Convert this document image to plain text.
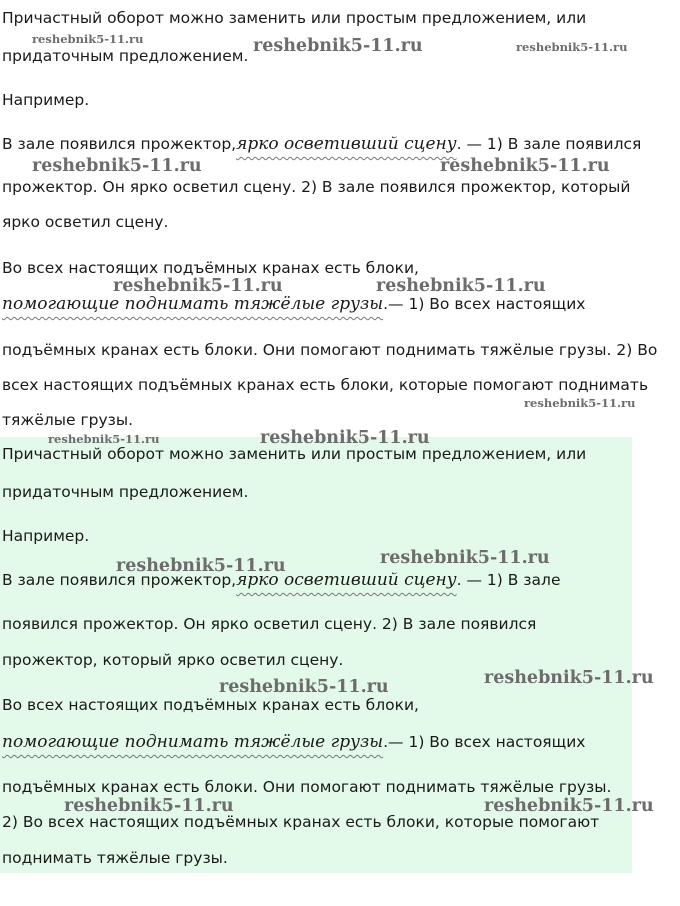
Причастный оборот можно заменить или простым предложением, или
придаточным предложением.
Например.
В зале появился прожектор,ярко осветивший сцену. — 1) В зале появился
прожектор. Он ярко осветил сцену. 2) В зале появился прожектор, который
ярко осветил сцену.
Во всех настоящих подъёмных кранах есть блоки,
помогающие поднимать тяжёлые грузы.— 1) Во всех настоящих
подъёмных кранах есть блоки. Они помогают поднимать тяжёлые грузы. 2) Во
всех настоящих подъёмных кранах есть блоки, которые помогают поднимать
тяжёлые грузы.
Причастный оборот можно заменить или простым предложением, или
придаточным предложением.
Например.
В зале появился прожектор,ярко осветивший сцену. — 1) В зале
появился прожектор. Он ярко осветил сцену. 2) В зале появился
прожектор, который ярко осветил сцену.
Во всех настоящих подъёмных кранах есть блоки,
помогающие поднимать тяжёлые грузы.— 1) Во всех настоящих
подъёмных кранах есть блоки. Они помогают поднимать тяжёлые грузы.
2) Во всех настоящих подъёмных кранах есть блоки, которые помогают
поднимать тяжёлые грузы.
reshebnik5-11.ru	reshebnik5-11.ru	reshebnik5-11.ru
reshebnik5-11.ru	reshebnik5-11.ru
reshebnik5-11.ru	reshebnik5-11.ru
reshebnik5-11.ru
reshebnik5-11.ru	reshebnik5-11.ru
reshebnik5-11.ru
reshebnik5-11.ru
reshebnik5-11.ru
reshebnik5-11.ru
reshebnik5-11.ru	reshebnik5-11.ru
